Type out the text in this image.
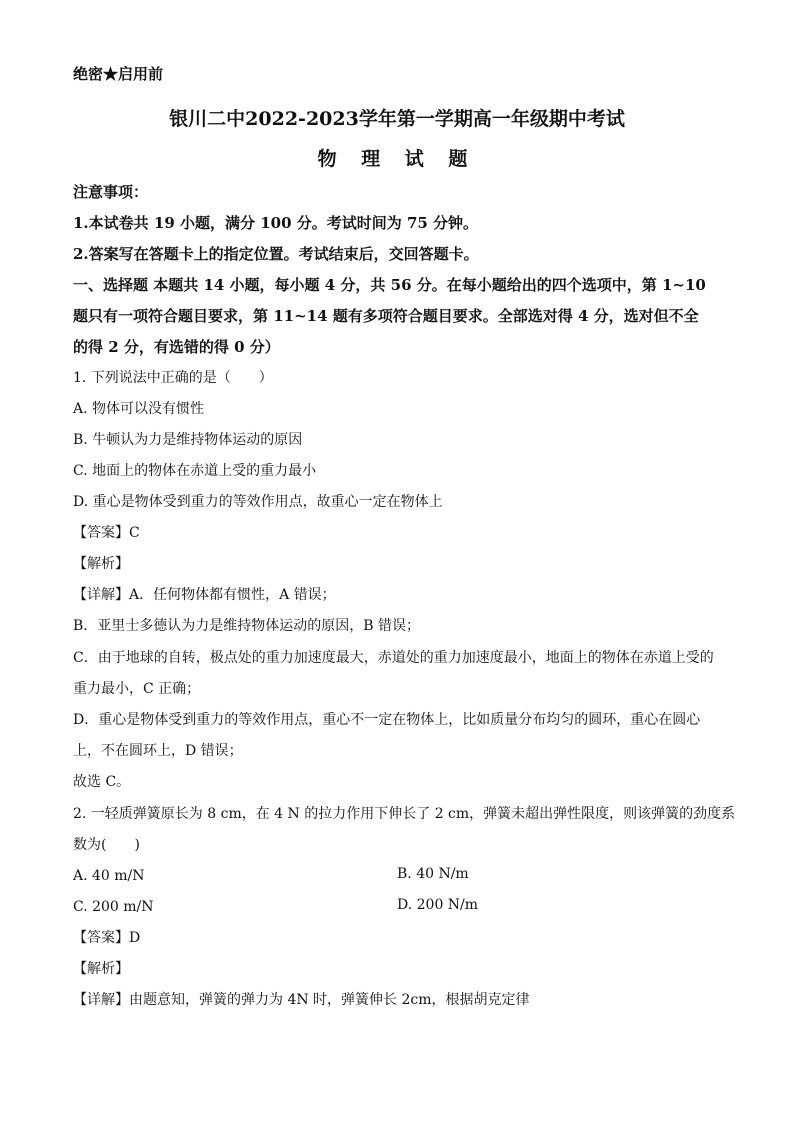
绝密★启用前
银川二中2022-2023学年第一学期高一年级期中考试
物 理 试 题
注意事项：
1.本试卷共 19 小题，满分 100 分。考试时间为 75 分钟。
2.答案写在答题卡上的指定位置。考试结束后，交回答题卡。
一、选择题 本题共 14 小题，每小题 4 分，共 56 分。在每小题给出的四个选项中，第 1~10
题只有一项符合题目要求，第 11~14 题有多项符合题目要求。全部选对得 4 分，选对但不全
的得 2 分，有选错的得 0 分）
1. 下列说法中正确的是（　　）
A. 物体可以没有惯性
B. 牛顿认为力是维持物体运动的原因
C. 地面上的物体在赤道上受的重力最小
D. 重心是物体受到重力的等效作用点，故重心一定在物体上
【答案】C
【解析】
【详解】A．任何物体都有惯性，A 错误；
B．亚里士多德认为力是维持物体运动的原因，B 错误；
C．由于地球的自转，极点处的重力加速度最大，赤道处的重力加速度最小，地面上的物体在赤道上受的
重力最小，C 正确；
D．重心是物体受到重力的等效作用点，重心不一定在物体上，比如质量分布均匀的圆环，重心在圆心
上，不在圆环上，D 错误；
故选 C。
2. 一轻质弹簧原长为 8 cm，在 4 N 的拉力作用下伸长了 2 cm，弹簧未超出弹性限度，则该弹簧的劲度系
数为(　　)
A. 40 m/N	B. 40 N/m
C. 200 m/N	D. 200 N/m
【答案】D
【解析】
【详解】由题意知，弹簧的弹力为 4N 时，弹簧伸长 2cm，根据胡克定律
